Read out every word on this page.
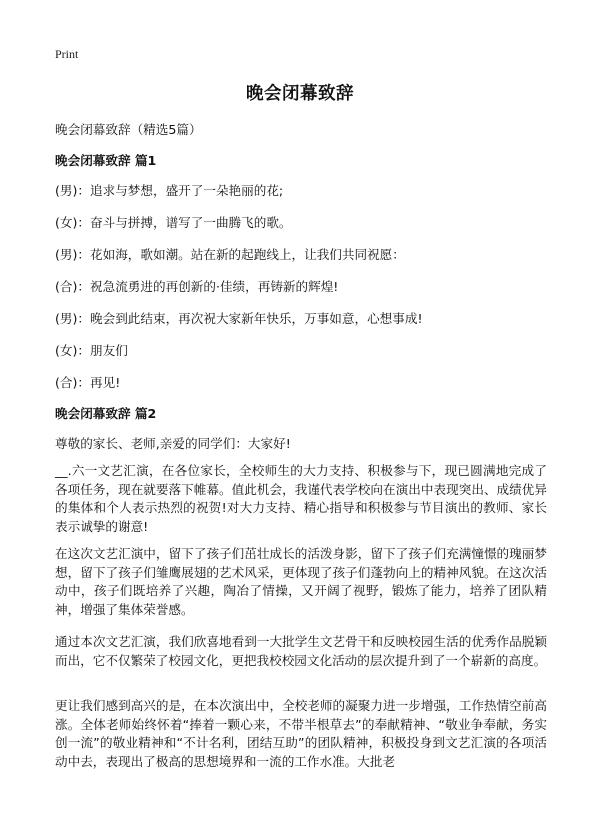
Print
晚会闭幕致辞
晚会闭幕致辞（精选5篇）
晚会闭幕致辞 篇1
(男)：追求与梦想，盛开了一朵艳丽的花;
(女)：奋斗与拼搏，谱写了一曲腾飞的歌。
(男)：花如海，歌如潮。站在新的起跑线上，让我们共同祝愿：
(合)：祝急流勇进的再创新的·佳绩，再铸新的辉煌!
(男)：晚会到此结束，再次祝大家新年快乐，万事如意，心想事成!
(女)：朋友们
(合)：再见!
晚会闭幕致辞 篇2
尊敬的家长、老师,亲爱的同学们：大家好!
__.六一文艺汇演，在各位家长，全校师生的大力支持、积极参与下，现已圆满地完成了各项任务，现在就要落下帷幕。值此机会，我谨代表学校向在演出中表现突出、成绩优异的集体和个人表示热烈的祝贺!对大力支持、精心指导和积极参与节目演出的教师、家长表示诚挚的谢意!
在这次文艺汇演中，留下了孩子们茁壮成长的活泼身影，留下了孩子们充满憧憬的瑰丽梦想，留下了孩子们雏鹰展翅的艺术风采，更体现了孩子们蓬勃向上的精神风貌。在这次活动中，孩子们既培养了兴趣，陶冶了情操，又开阔了视野，锻炼了能力，培养了团队精神，增强了集体荣誉感。
通过本次文艺汇演，我们欣喜地看到一大批学生文艺骨干和反映校园生活的优秀作品脱颖而出，它不仅繁荣了校园文化，更把我校校园文化活动的层次提升到了一个崭新的高度。
更让我们感到高兴的是，在本次演出中，全校老师的凝聚力进一步增强，工作热情空前高涨。全体老师始终怀着“捧着一颗心来，不带半根草去”的奉献精神、“敬业争奉献，务实创一流”的敬业精神和“不计名利，团结互助”的团队精神，积极投身到文艺汇演的各项活动中去，表现出了极高的思想境界和一流的工作水准。大批老
